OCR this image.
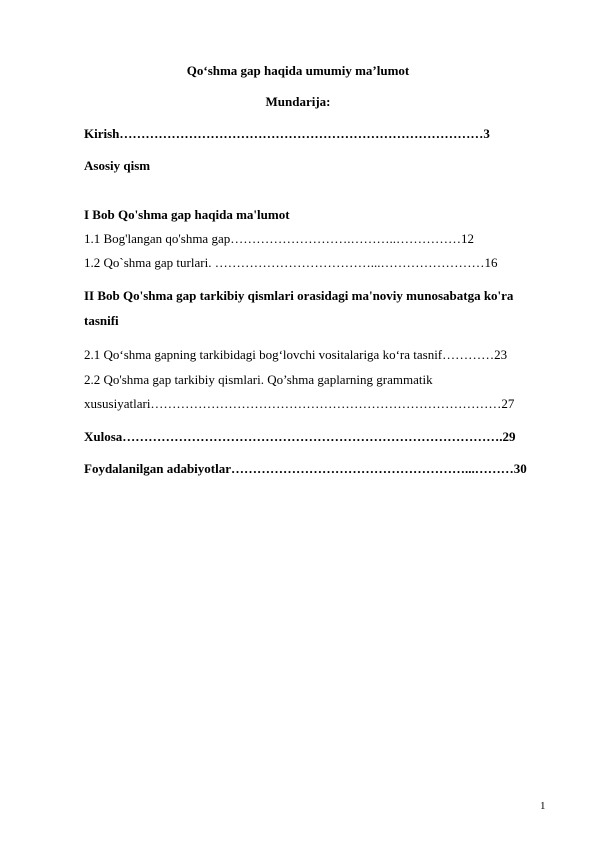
Qo‘shma gap haqida umumiy ma’lumot
Mundarija:
Kirish…………………………………………………………………………3
Asosiy qism
I Bob Qo'shma gap haqida ma'lumot
1.1 Bog'langan qo'shma gap……………………….………..……………12
1.2 Qo`shma gap turlari. ………………………………...……………………16
II Bob Qo'shma gap tarkibiy qismlari orasidagi ma'noviy munosabatga ko'ra
tasnifi
2.1 Qo‘shma gapning tarkibidagi bog‘lovchi vositalariga ko‘ra tasnif…………23
2.2 Qo'shma gap tarkibiy qismlari. Qo’shma gaplarning grammatik
xususiyatlari………………………………………………………………………27
Xulosa…………………………………………………………………………….29
Foydalanilgan adabiyotlar………………………………………………...………30
1
